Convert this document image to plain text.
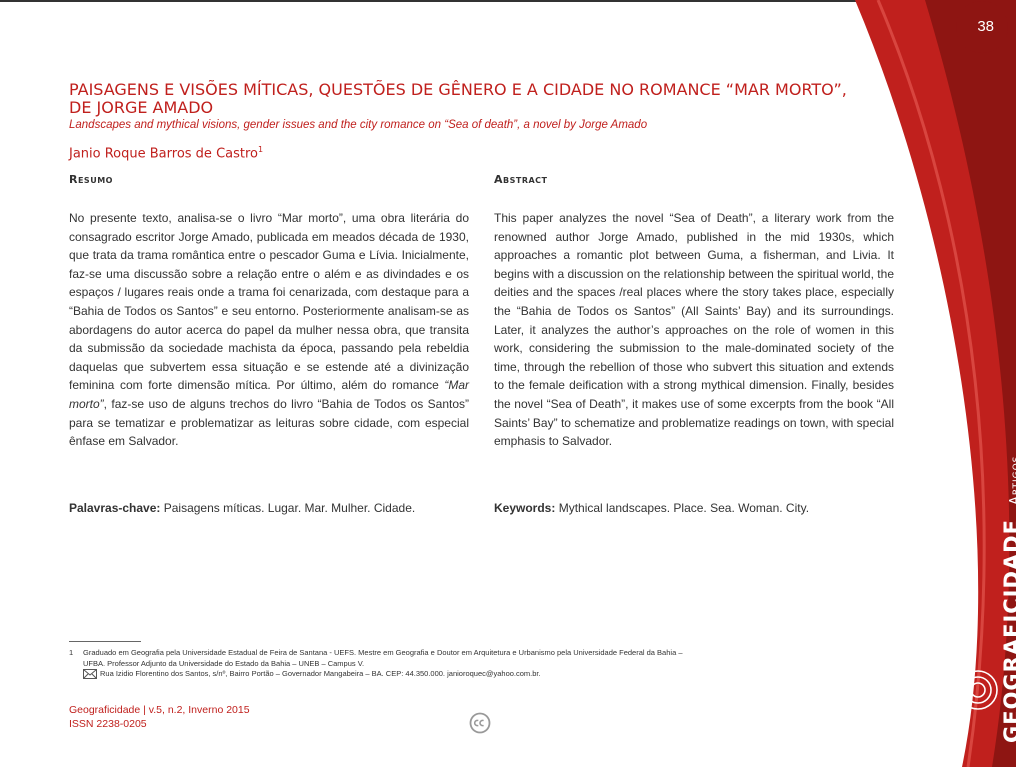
38
PAISAGENS E VISÕES MÍTICAS, QUESTÕES DE GÊNERO E A CIDADE NO ROMANCE “MAR MORTO”, DE JORGE AMADO
Landscapes and mythical visions, gender issues and the city romance on “Sea of death”, a novel by Jorge Amado
Janio Roque Barros de Castro$^1$
Resumo	Abstract
No presente texto, analisa-se o livro “Mar morto”, uma obra literária do consagrado escritor Jorge Amado, publicada em meados década de 1930, que trata da trama romântica entre o pescador Guma e Lívia. Inicialmente, faz-se uma discussão sobre a relação entre o além e as divindades e os espaços / lugares reais onde a trama foi cenarizada, com destaque para a “Bahia de Todos os Santos” e seu entorno. Posteriormente analisam-se as abordagens do autor acerca do papel da mulher nessa obra, que transita da submissão da sociedade machista da época, passando pela rebeldia daquelas que subvertem essa situação e se estende até a divinização feminina com forte dimensão mítica. Por último, além do romance “Mar morto”, faz-se uso de alguns trechos do livro “Bahia de Todos os Santos” para se tematizar e problematizar as leituras sobre cidade, com especial ênfase em Salvador.
This paper analyzes the novel “Sea of Death”, a literary work from the renowned author Jorge Amado, published in the mid 1930s, which approaches a romantic plot between Guma, a fisherman, and Livia. It begins with a discussion on the relationship between the spiritual world, the deities and the spaces /real places where the story takes place, especially the “Bahia de Todos os Santos” (All Saints’ Bay) and its surroundings. Later, it analyzes the author’s approaches on the role of women in this work, considering the submission to the male-dominated society of the time, through the rebellion of those who subvert this situation and extends to the female deification with a strong mythical dimension. Finally, besides the novel “Sea of Death”, it makes use of some excerpts from the book “All Saints’ Bay” to schematize and problematize readings on town, with special emphasis to Salvador.
Palavras-chave: Paisagens míticas. Lugar. Mar. Mulher. Cidade.	Keywords: Mythical landscapes. Place. Sea. Woman. City.
1 Graduado em Geografia pela Universidade Estadual de Feira de Santana - UEFS. Mestre em Geografia e Doutor em Arquitetura e Urbanismo pela Universidade Federal da Bahia –
UFBA. Professor Adjunto da Universidade do Estado da Bahia – UNEB – Campus V.
Rua Izidio Florentino dos Santos, s/nº, Bairro Portão – Governador Mangabeira – BA. CEP: 44.350.000. janioroquec@yahoo.com.br.
Geograficidade | v.5, n.2, Inverno 2015
ISSN 2238-0205	GEOGRAFICIDADE
Artigos
